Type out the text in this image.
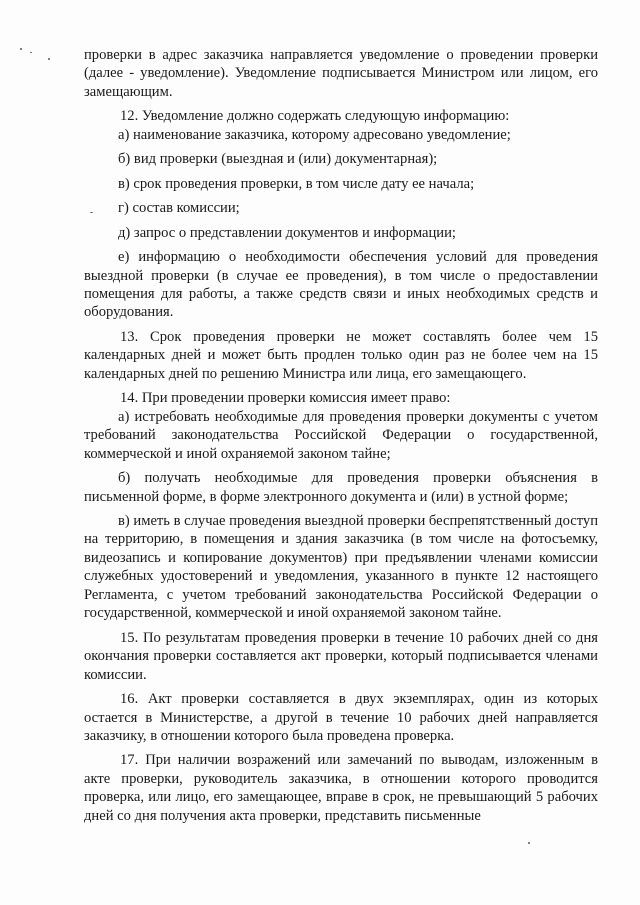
проверки в адрес заказчика направляется уведомление о проведении проверки (далее - уведомление). Уведомление подписывается Министром или лицом, его замещающим.

12. Уведомление должно содержать следующую информацию:

а) наименование заказчика, которому адресовано уведомление;

б) вид проверки (выездная и (или) документарная);

в) срок проведения проверки, в том числе дату ее начала;

г) состав комиссии;

д) запрос о представлении документов и информации;

е) информацию о необходимости обеспечения условий для проведения выездной проверки (в случае ее проведения), в том числе о предоставлении помещения для работы, а также средств связи и иных необходимых средств и оборудования.

13. Срок проведения проверки не может составлять более чем 15 календарных дней и может быть продлен только один раз не более чем на 15 календарных дней по решению Министра или лица, его замещающего.

14. При проведении проверки комиссия имеет право:

а) истребовать необходимые для проведения проверки документы с учетом требований законодательства Российской Федерации о государственной, коммерческой и иной охраняемой законом тайне;

б) получать необходимые для проведения проверки объяснения в письменной форме, в форме электронного документа и (или) в устной форме;

в) иметь в случае проведения выездной проверки беспрепятственный доступ на территорию, в помещения и здания заказчика (в том числе на фотосъемку, видеозапись и копирование документов) при предъявлении членами комиссии служебных удостоверений и уведомления, указанного в пункте 12 настоящего Регламента, с учетом требований законодательства Российской Федерации о государственной, коммерческой и иной охраняемой законом тайне.

15. По результатам проведения проверки в течение 10 рабочих дней со дня окончания проверки составляется акт проверки, который подписывается членами комиссии.

16. Акт проверки составляется в двух экземплярах, один из которых остается в Министерстве, а другой в течение 10 рабочих дней направляется заказчику, в отношении которого была проведена проверка.

17. При наличии возражений или замечаний по выводам, изложенным в акте проверки, руководитель заказчика, в отношении которого проводится проверка, или лицо, его замещающее, вправе в срок, не превышающий 5 рабочих дней со дня получения акта проверки, представить письменные
